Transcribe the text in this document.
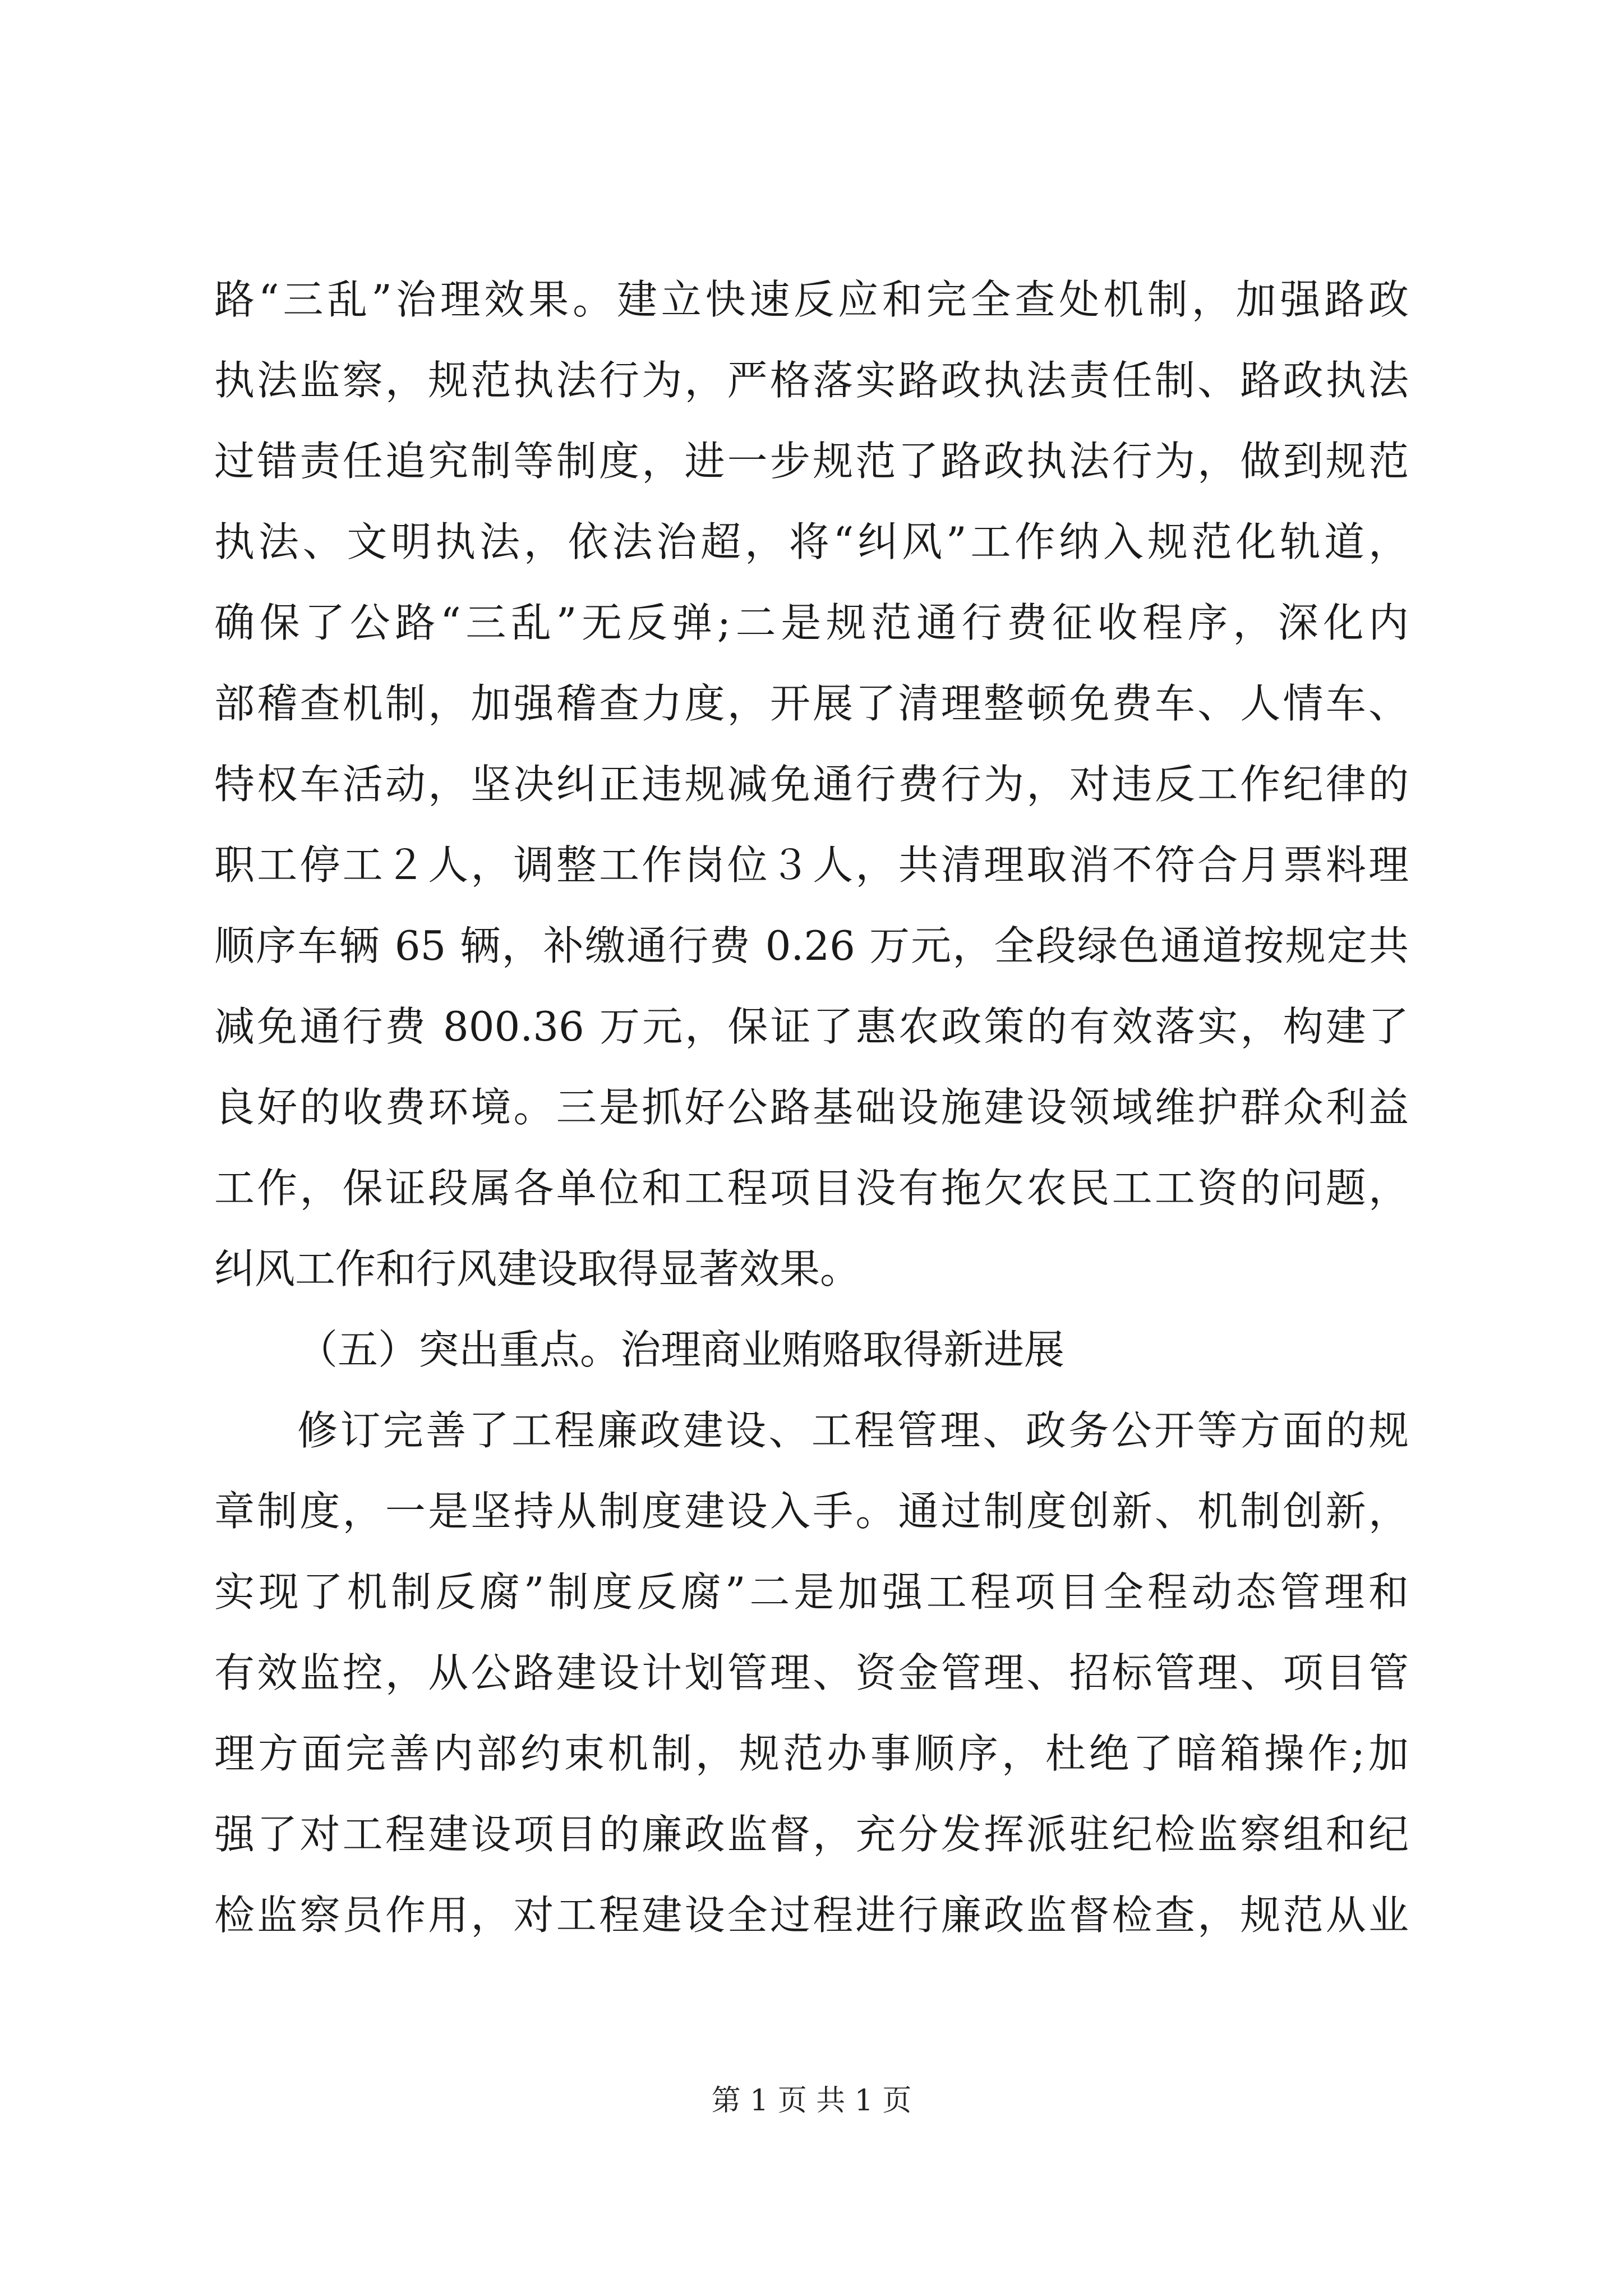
路“三乱”治理效果。建立快速反应和完全查处机制，加强路政
执法监察，规范执法行为，严格落实路政执法责任制、路政执法
过错责任追究制等制度，进一步规范了路政执法行为，做到规范
执法、文明执法，依法治超，将“纠风”工作纳入规范化轨道，
确保了公路“三乱”无反弹;二是规范通行费征收程序，深化内
部稽查机制，加强稽查力度，开展了清理整顿免费车、人情车、
特权车活动，坚决纠正违规减免通行费行为，对违反工作纪律的
职工停工２人，调整工作岗位３人，共清理取消不符合月票料理
顺序车辆 65 辆，补缴通行费 0.26 万元，全段绿色通道按规定共
减免通行费 800.36 万元，保证了惠农政策的有效落实，构建了
良好的收费环境。三是抓好公路基础设施建设领域维护群众利益
工作，保证段属各单位和工程项目没有拖欠农民工工资的问题，
纠风工作和行风建设取得显著效果。
（五）突出重点。治理商业贿赂取得新进展
修订完善了工程廉政建设、工程管理、政务公开等方面的规
章制度，一是坚持从制度建设入手。通过制度创新、机制创新，
实现了机制反腐”制度反腐”二是加强工程项目全程动态管理和
有效监控，从公路建设计划管理、资金管理、招标管理、项目管
理方面完善内部约束机制，规范办事顺序，杜绝了暗箱操作;加
强了对工程建设项目的廉政监督，充分发挥派驻纪检监察组和纪
检监察员作用，对工程建设全过程进行廉政监督检查，规范从业
第 1 页 共 1 页
